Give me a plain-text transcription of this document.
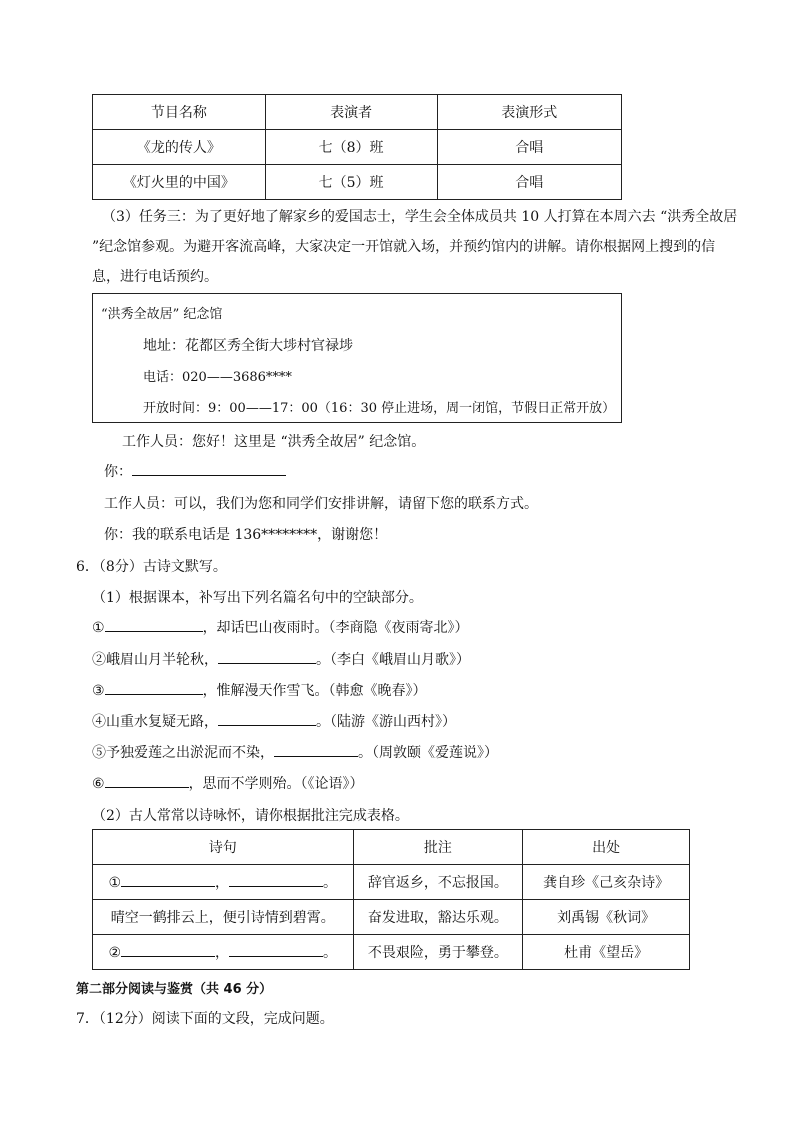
节目名称	表演者	表演形式
《龙的传人》	七（8）班	合唱
《灯火里的中国》	七（5）班	合唱
（3）任务三：为了更好地了解家乡的爱国志士，学生会全体成员共 10 人打算在本周六去 “洪秀全故居
”纪念馆参观。为避开客流高峰，大家决定一开馆就入场，并预约馆内的讲解。请你根据网上搜到的信
息，进行电话预约。
“洪秀全故居” 纪念馆
地址：花都区秀全街大埗村官禄埗
电话：020——3686****
开放时间：9：00——17：00（16：30 停止进场，周一闭馆，节假日正常开放）
工作人员：您好！这里是 “洪秀全故居” 纪念馆。
你：
工作人员：可以，我们为您和同学们安排讲解，请留下您的联系方式。
你：我的联系电话是 136********，谢谢您！
6．（8分）古诗文默写。
（1）根据课本，补写出下列名篇名句中的空缺部分。
①	，却话巴山夜雨时。（李商隐《夜雨寄北》）
②峨眉山月半轮秋，	。（李白《峨眉山月歌》）
③	，惟解漫天作雪飞。（韩愈《晚春》）
④山重水复疑无路，	。（陆游《游山西村》）
⑤予独爱莲之出淤泥而不染，	。（周敦颐《爱莲说》）
⑥	，思而不学则殆。（《论语》）
（2）古人常常以诗咏怀，请你根据批注完成表格。
诗句	批注	出处
① ， 。	辞官返乡，不忘报国。	龚自珍《己亥杂诗》
晴空一鹤排云上，便引诗情到碧霄。	奋发进取，豁达乐观。	刘禹锡《秋词》
② ， 。	不畏艰险，勇于攀登。	杜甫《望岳》
第二部分阅读与鉴赏（共 46 分）
7．（12分）阅读下面的文段，完成问题。
